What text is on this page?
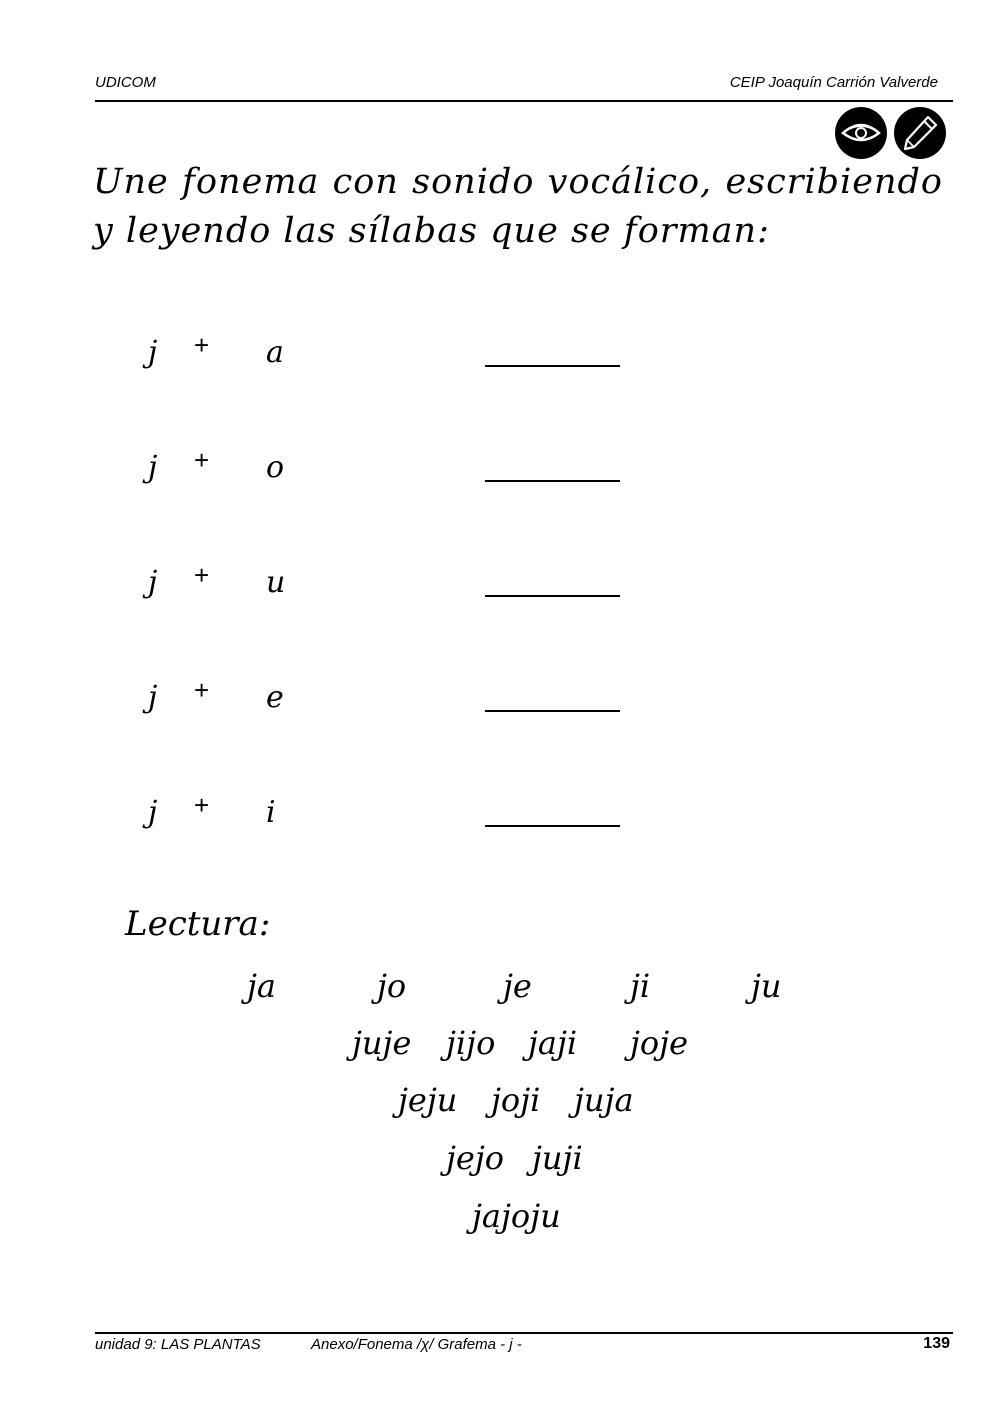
UDICOM	CEIP Joaquín Carrión Valverde
Une fonema con sonido vocálico, escribiendo y leyendo las sílabas que se forman:
j + a
j + o
j + u
j + e
j + i
Lectura:
ja	jo	je	ji	ju
juje jijo jaji joje
jeju joji juja
jejo juji
jajoju
unidad 9: LAS PLANTAS	Anexo/Fonema /χ/ Grafema - j -	139
